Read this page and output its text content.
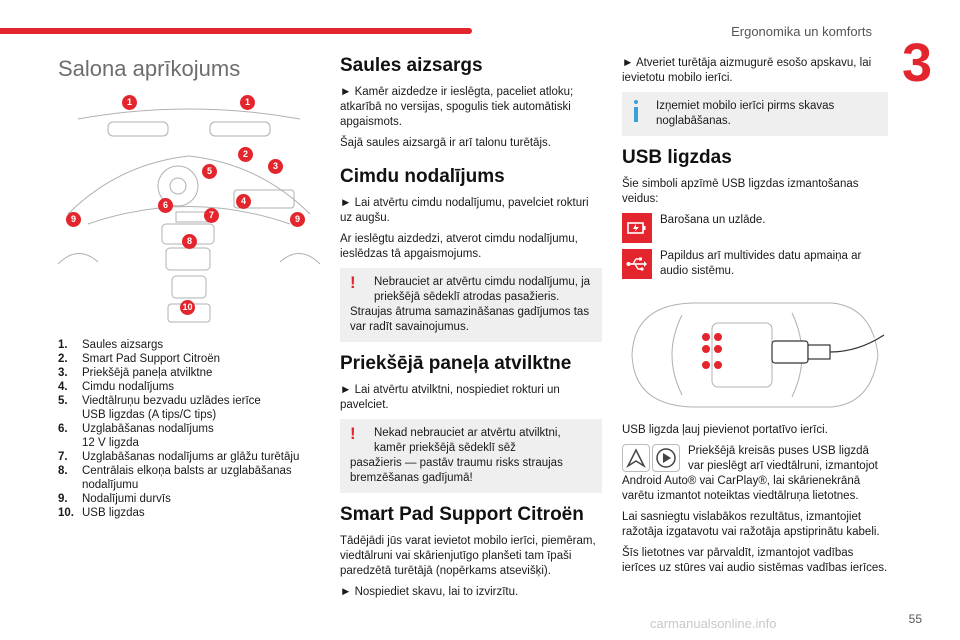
Ergonomika un komforts
3
Salona aprīkojums
1	1
2
3
4
5
6
7
8
9	9
10
1.	Saules aizsargs
2.	Smart Pad Support Citroën
3.	Priekšējā paneļa atvilktne
4.	Cimdu nodalījums
5.	Viedtālruņu bezvadu uzlādes ierīce
USB ligzdas (A tips/C tips)
6.	Uzglabāšanas nodalījums
12 V ligzda
7.	Uzglabāšanas nodalījums ar glāžu turētāju
8.	Centrālais elkoņa balsts ar uzglabāšanas
nodalījumu
9.	Nodalījumi durvīs
10. USB ligzdas
Saules aizsargs

► Kamēr aizdedze ir ieslēgta, paceliet atloku; atkarībā no versijas, spogulis tiek automātiski apgaismots.

Šajā saules aizsargā ir arī talonu turētājs.

Cimdu nodalījums

► Lai atvērtu cimdu nodalījumu, pavelciet rokturi uz augšu.

Ar ieslēgtu aizdedzi, atverot cimdu nodalījumu, ieslēdzas tā apgaismojums.

!	Nebrauciet ar atvērtu cimdu nodalījumu, ja priekšējā sēdeklī atrodas pasažieris.
Straujas ātruma samazināšanas gadījumos tas var radīt savainojumus.
Priekšējā paneļa atvilktne

► Lai atvērtu atvilktni, nospiediet rokturi un pavelciet.

!	Nekad nebrauciet ar atvērtu atvilktni, kamēr priekšējā sēdeklī sēž
pasažieris — pastāv traumu risks straujas bremzēšanas gadījumā!
Smart Pad Support Citroën

Tādējādi jūs varat ievietot mobilo ierīci, piemēram, viedtālruni vai skārienjutīgo planšeti tam īpaši paredzētā turētājā (nopērkams atsevišķi).

► Nospiediet skavu, lai to izvirzītu.

► Atveriet turētāja aizmugurē esošo apskavu, lai ievietotu mobilo ierīci.

Izņemiet mobilo ierīci pirms skavas noglabāšanas.
USB ligzdas

Šie simboli apzīmē USB ligzdas izmantošanas veidus:

Barošana un uzlāde.

Papildus arī multivides datu apmaiņa ar audio sistēmu.

USB ligzda ļauj pievienot portatīvo ierīci.

Priekšējā kreisās puses USB ligzdā var pieslēgt arī viedtālruni, izmantojot Android Auto® vai CarPlay®, lai skārienekrānā varētu izmantot noteiktas viedtālruņa lietotnes.

Lai sasniegtu vislabākos rezultātus, izmantojiet ražotāja izgatavotu vai ražotāja apstiprinātu kabeli.

Šīs lietotnes var pārvaldīt, izmantojot vadības ierīces uz stūres vai audio sistēmas vadības ierīces.

carmanualsonline.info	55
